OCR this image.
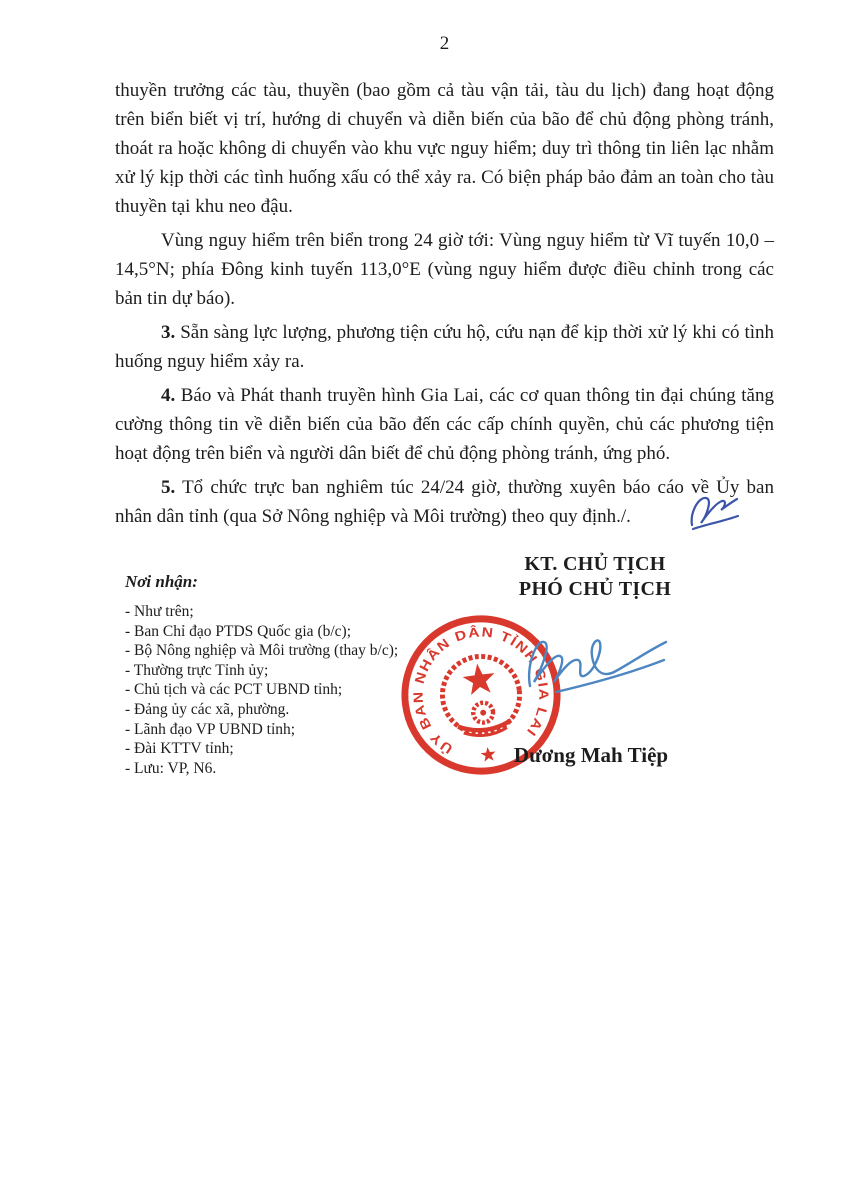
2

thuyền trưởng các tàu, thuyền (bao gồm cả tàu vận tải, tàu du lịch) đang hoạt động trên biển biết vị trí, hướng di chuyển và diễn biến của bão để chủ động phòng tránh, thoát ra hoặc không di chuyển vào khu vực nguy hiểm; duy trì thông tin liên lạc nhằm xử lý kịp thời các tình huống xấu có thể xảy ra. Có biện pháp bảo đảm an toàn cho tàu thuyền tại khu neo đậu.

Vùng nguy hiểm trên biển trong 24 giờ tới: Vùng nguy hiểm từ Vĩ tuyến 10,0 – 14,5°N; phía Đông kinh tuyến 113,0°E (vùng nguy hiểm được điều chỉnh trong các bản tin dự báo).

3. Sẵn sàng lực lượng, phương tiện cứu hộ, cứu nạn để kịp thời xử lý khi có tình huống nguy hiểm xảy ra.

4. Báo và Phát thanh truyền hình Gia Lai, các cơ quan thông tin đại chúng tăng cường thông tin về diễn biến của bão đến các cấp chính quyền, chủ các phương tiện hoạt động trên biển và người dân biết để chủ động phòng tránh, ứng phó.

5. Tổ chức trực ban nghiêm túc 24/24 giờ, thường xuyên báo cáo về Ủy ban nhân dân tỉnh (qua Sở Nông nghiệp và Môi trường) theo quy định./.

KT. CHỦ TỊCH
PHÓ CHỦ TỊCH
Nơi nhận:
- Như trên;
- Ban Chỉ đạo PTDS Quốc gia (b/c);
- Bộ Nông nghiệp và Môi trường (thay b/c);
- Thường trực Tỉnh ủy;
- Chủ tịch và các PCT UBND tỉnh;
- Đảng ủy các xã, phường.
- Lãnh đạo VP UBND tỉnh;
- Đài KTTV tỉnh;
- Lưu: VP, N6.
ỦY BAN NHÂN DÂN TỈNH GIA LAI
Dương Mah Tiệp
